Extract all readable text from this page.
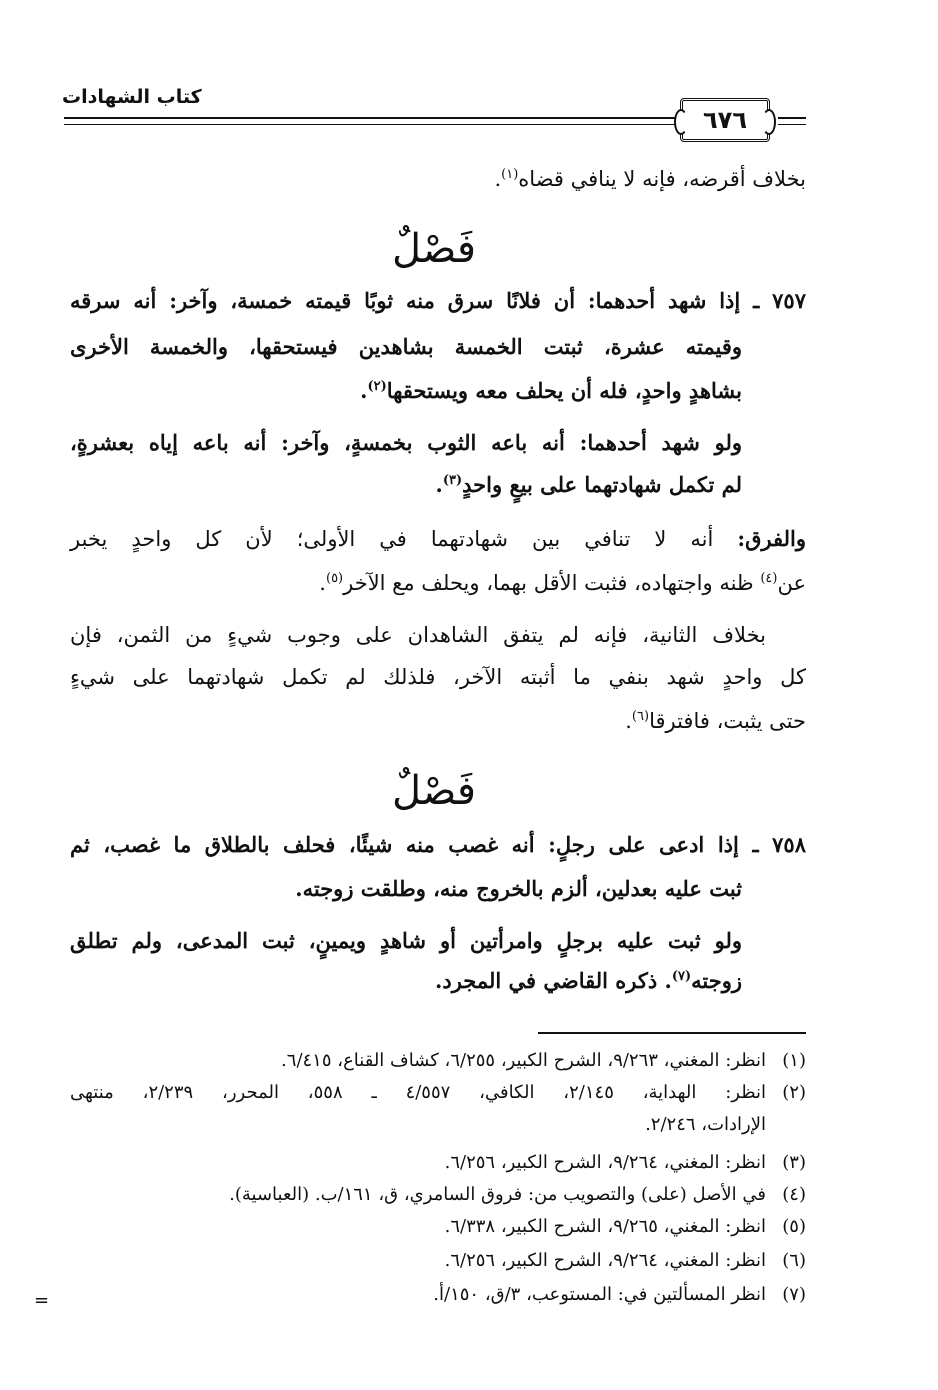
كتاب الشهادات
٦٧٦
بخلاف أقرضه، فإنه لا ينافي قضاه$^{(١)}$.
فَصْلٌ
٧٥٧ ـ إذا شهد أحدهما: أن فلانًا سرق منه ثوبًا قيمته خمسة، وآخر: أنه سرقه
وقيمته عشرة، ثبتت الخمسة بشاهدين فيستحقها، والخمسة الأخرى
بشاهدٍ واحدٍ، فله أن يحلف معه ويستحقها$^{(٢)}$.
ولو شهد أحدهما: أنه باعه الثوب بخمسةٍ، وآخر: أنه باعه إياه بعشرةٍ،
لم تكمل شهادتهما على بيعٍ واحدٍ$^{(٣)}$.
والفرق: أنه لا تنافي بين شهادتهما في الأولى؛ لأن كل واحدٍ يخبر
عن$^{(٤)}$ ظنه واجتهاده، فثبت الأقل بهما، ويحلف مع الآخر$^{(٥)}$.
بخلاف الثانية، فإنه لم يتفق الشاهدان على وجوب شيءٍ من الثمن، فإن
كل واحدٍ شهد بنفي ما أثبته الآخر، فلذلك لم تكمل شهادتهما على شيءٍ
حتى يثبت، فافترقا$^{(٦)}$.
فَصْلٌ
٧٥٨ ـ إذا ادعى على رجلٍ: أنه غصب منه شيئًا، فحلف بالطلاق ما غصب، ثم
ثبت عليه بعدلين، ألزم بالخروج منه، وطلقت زوجته.
ولو ثبت عليه برجلٍ وامرأتين أو شاهدٍ ويمينٍ، ثبت المدعى، ولم تطلق
زوجته$^{(٧)}$. ذكره القاضي في المجرد.
(١)انظر: المغني، ٩/٢٦٣، الشرح الكبير، ٦/٢٥٥، كشاف القناع، ٦/٤١٥.
(٢)انظر: الهداية، ٢/١٤٥، الكافي، ٤/٥٥٧ ـ ٥٥٨، المحرر، ٢/٢٣٩، منتهى
الإرادات، ٢/٢٤٦.
(٣)انظر: المغني، ٩/٢٦٤، الشرح الكبير، ٦/٢٥٦.
(٤)في الأصل (على) والتصويب من: فروق السامري، ق، ١٦١/ب. (العباسية).
(٥)انظر: المغني، ٩/٢٦٥، الشرح الكبير، ٦/٣٣٨.
(٦)انظر: المغني، ٩/٢٦٤، الشرح الكبير، ٦/٢٥٦.
(٧)انظر المسألتين في: المستوعب، ٣/ق، ١٥٠/أ.
=
